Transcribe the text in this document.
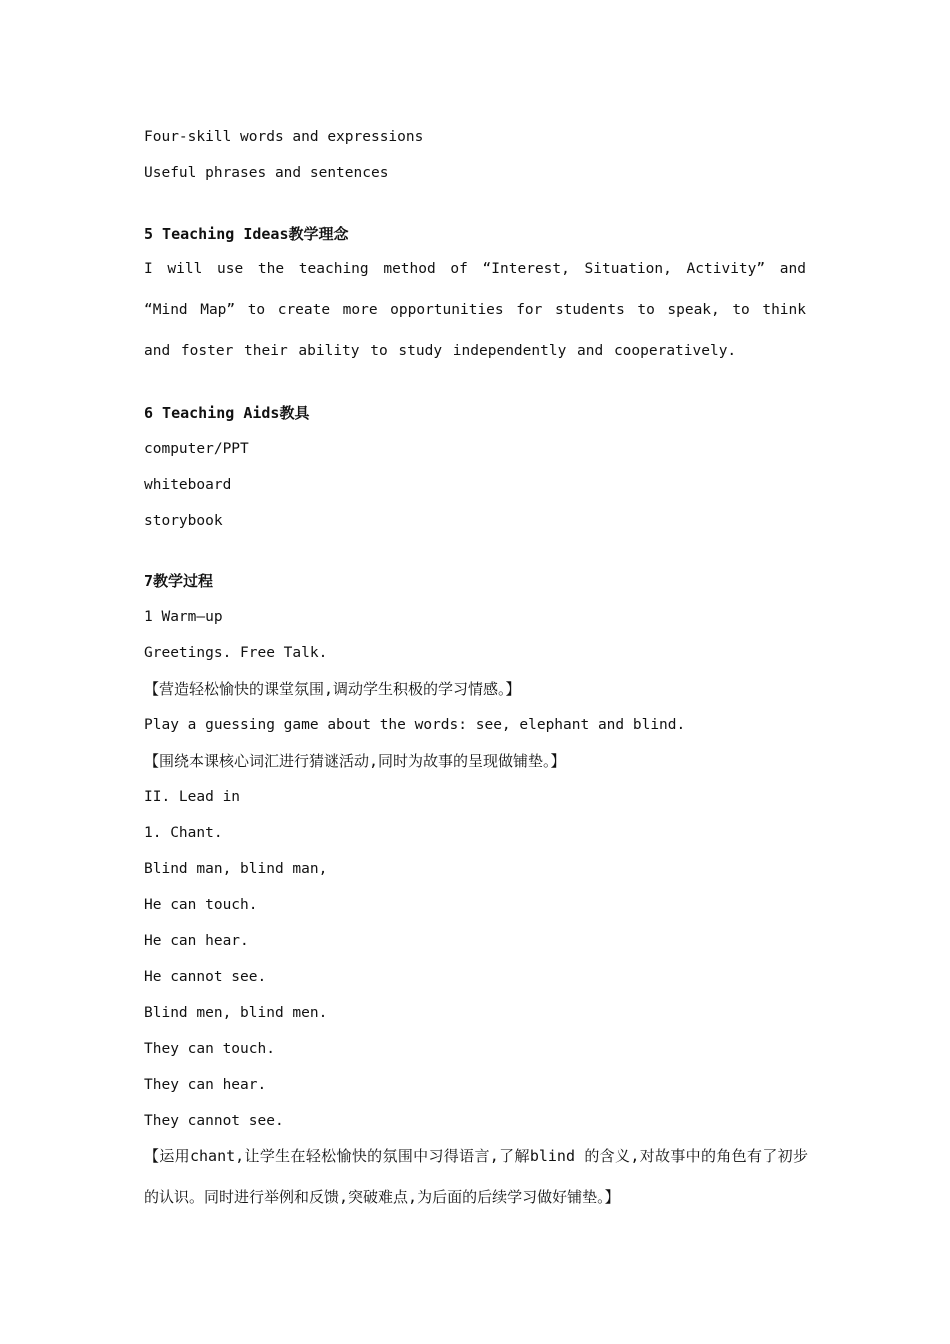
Four-skill words and expressions
Useful phrases and sentences
5 Teaching Ideas教学理念
I will use the teaching method of “Interest, Situation, Activity” and “Mind Map” to create more opportunities for students to speak, to think and foster their ability to study independently and cooperatively.
6 Teaching Aids教具
computer/PPT
whiteboard
storybook
7教学过程
1 Warm—up
Greetings. Free Talk.
【营造轻松愉快的课堂氛围,调动学生积极的学习情感。】
Play a guessing game about the words: see, elephant and blind.
【围绕本课核心词汇进行猜谜活动,同时为故事的呈现做铺垫。】
II. Lead in
1. Chant.
Blind man, blind man,
He can touch.
He can hear.
He cannot see.
Blind men, blind men.
They can touch.
They can hear.
They cannot see.
【运用chant,让学生在轻松愉快的氛围中习得语言,了解blind 的含义,对故事中的角色有了初步的认识。同时进行举例和反馈,突破难点,为后面的后续学习做好铺垫。】
